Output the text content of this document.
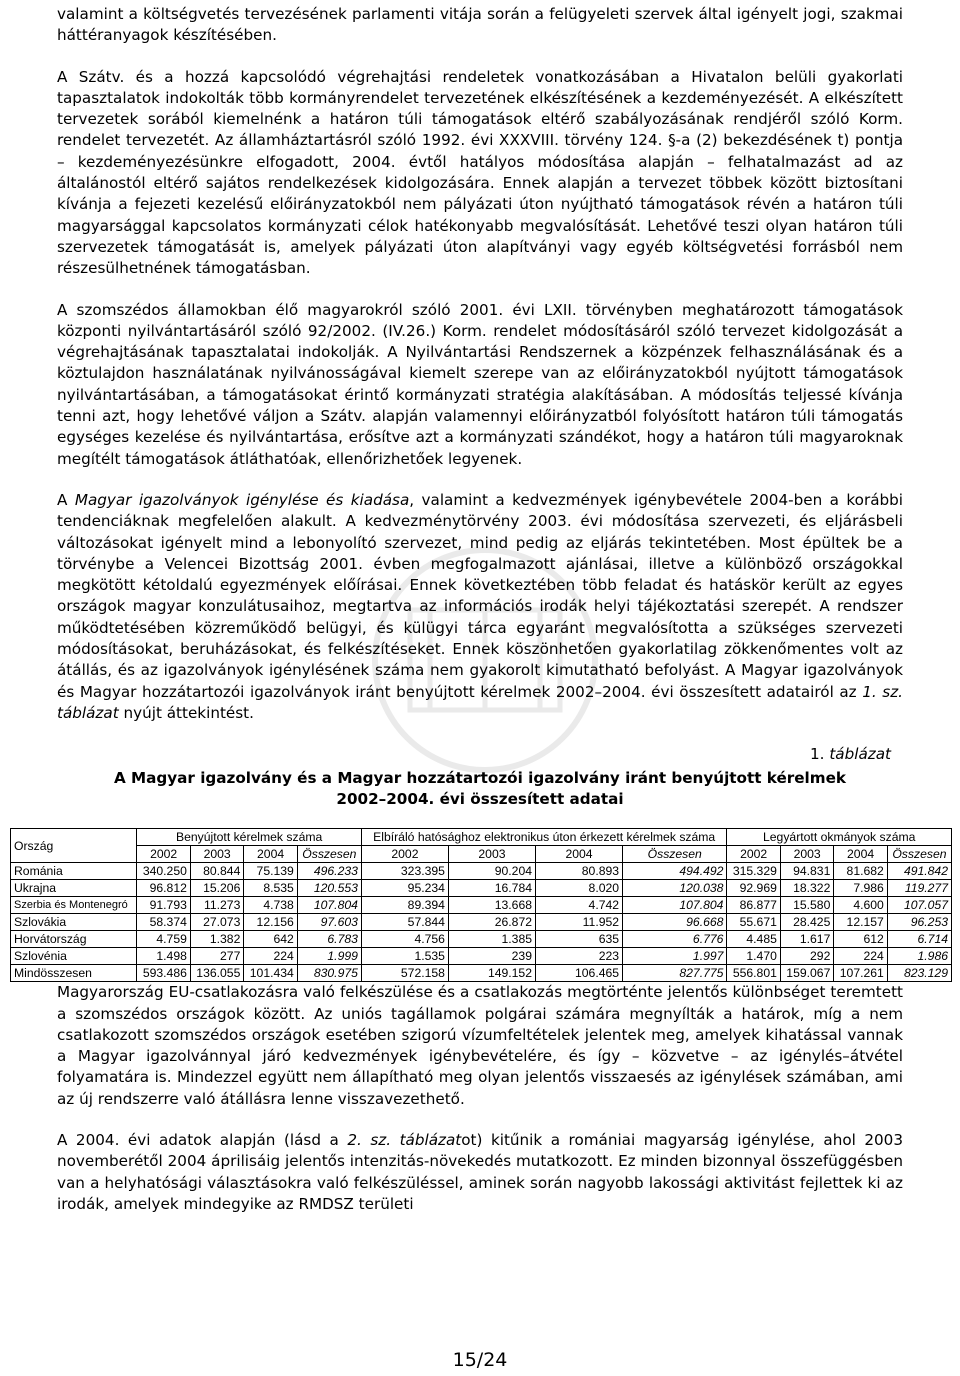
valamint a költségvetés tervezésének parlamenti vitája során a felügyeleti szervek által igényelt jogi, szakmai háttéranyagok készítésében.

A Szátv. és a hozzá kapcsolódó végrehajtási rendeletek vonatkozásában a Hivatalon belüli gyakorlati tapasztalatok indokolták több kormányrendelet tervezetének elkészítésének a kezdeményezését. A elkészített tervezetek sorából kiemelnénk a határon túli támogatások eltérő szabályozásának rendjéről szóló Korm. rendelet tervezetét. Az államháztartásról szóló 1992. évi XXXVIII. törvény 124. §-a (2) bekezdésének t) pontja – kezdeményezésünkre elfogadott, 2004. évtől hatályos módosítása alapján – felhatalmazást ad az általánostól eltérő sajátos rendelkezések kidolgozására. Ennek alapján a tervezet többek között biztosítani kívánja a fejezeti kezelésű előirányzatokból nem pályázati úton nyújtható támogatások révén a határon túli magyarsággal kapcsolatos kormányzati célok hatékonyabb megvalósítását. Lehetővé teszi olyan határon túli szervezetek támogatását is, amelyek pályázati úton alapítványi vagy egyéb költségvetési forrásból nem részesülhetnének támogatásban.

A szomszédos államokban élő magyarokról szóló 2001. évi LXII. törvényben meghatározott támogatások központi nyilvántartásáról szóló 92/2002. (IV.26.) Korm. rendelet módosításáról szóló tervezet kidolgozását a végrehajtásának tapasztalatai indokolják. A Nyilvántartási Rendszernek a közpénzek felhasználásának és a köztulajdon használatának nyilvánosságával kiemelt szerepe van az előirányzatokból nyújtott támogatások nyilvántartásában, a támogatásokat érintő kormányzati stratégia alakításában. A módosítás teljessé kívánja tenni azt, hogy lehetővé váljon a Szátv. alapján valamennyi előirányzatból folyósított határon túli támogatás egységes kezelése és nyilvántartása, erősítve azt a kormányzati szándékot, hogy a határon túli magyaroknak megítélt támogatások átláthatóak, ellenőrizhetőek legyenek.

A Magyar igazolványok igénylése és kiadása, valamint a kedvezmények igénybevétele 2004-ben a korábbi tendenciáknak megfelelően alakult. A kedvezménytörvény 2003. évi módosítása szervezeti, és eljárásbeli változásokat igényelt mind a lebonyolító szervezet, mind pedig az eljárás tekintetében. Most épültek be a törvénybe a Velencei Bizottság 2001. évben megfogalmazott ajánlásai, illetve a különböző országokkal megkötött kétoldalú egyezmények előírásai. Ennek következtében több feladat és hatáskör került az egyes országok magyar konzulátusaihoz, megtartva az információs irodák helyi tájékoztatási szerepét. A rendszer működtetésében közreműködő belügyi, és külügyi tárca egyaránt megvalósította a szükséges szervezeti módosításokat, beruházásokat, és felkészítéseket. Ennek köszönhetően gyakorlatilag zökkenőmentes volt az átállás, és az igazolványok igénylésének száma nem gyakorolt kimutatható befolyást. A Magyar igazolványok és Magyar hozzátartozói igazolványok iránt benyújtott kérelmek 2002–2004. évi összesített adatairól az 1. sz. táblázat nyújt áttekintést.

1. táblázat
A Magyar igazolvány és a Magyar hozzátartozói igazolvány iránt benyújtott kérelmek
2002–2004. évi összesített adatai
Ország	Benyújtott kérelmek száma				Elbíráló hatósághoz elektronikus úton érkezett kérelmek száma				Legyártott okmányok száma			
	2002	2003	2004	Összesen	2002	2003	2004	Összesen	2002	2003	2004	Összesen
Románia	340.250	80.844	75.139	496.233	323.395	90.204	80.893	494.492	315.329	94.831	81.682	491.842
Ukrajna	96.812	15.206	8.535	120.553	95.234	16.784	8.020	120.038	92.969	18.322	7.986	119.277
Szerbia és Montenegró	91.793	11.273	4.738	107.804	89.394	13.668	4.742	107.804	86.877	15.580	4.600	107.057
Szlovákia	58.374	27.073	12.156	97.603	57.844	26.872	11.952	96.668	55.671	28.425	12.157	96.253
Horvátország	4.759	1.382	642	6.783	4.756	1.385	635	6.776	4.485	1.617	612	6.714
Szlovénia	1.498	277	224	1.999	1.535	239	223	1.997	1.470	292	224	1.986
Mindösszesen	593.486	136.055	101.434	830.975	572.158	149.152	106.465	827.775	556.801	159.067	107.261	823.129

Magyarország EU-csatlakozásra való felkészülése és a csatlakozás megtörténte jelentős különbséget teremtett a szomszédos országok között. Az uniós tagállamok polgárai számára megnyílták a határok, míg a nem csatlakozott szomszédos országok esetében szigorú vízumfeltételek jelentek meg, amelyek kihatással vannak a Magyar igazolvánnyal járó kedvezmények igénybevételére, és így – közvetve – az igénylés–átvétel folyamatára is. Mindezzel együtt nem állapítható meg olyan jelentős visszaesés az igénylések számában, ami az új rendszerre való átállásra lenne visszavezethető.

A 2004. évi adatok alapján (lásd a 2. sz. táblázatot) kitűnik a romániai magyarság igénylése, ahol 2003 novemberétől 2004 áprilisáig jelentős intenzitás-növekedés mutatkozott. Ez minden bizonnyal összefüggésben van a helyhatósági választásokra való felkészüléssel, aminek során nagyobb lakossági aktivitást fejlettek ki az irodák, amelyek mindegyike az RMDSZ területi

15/24
